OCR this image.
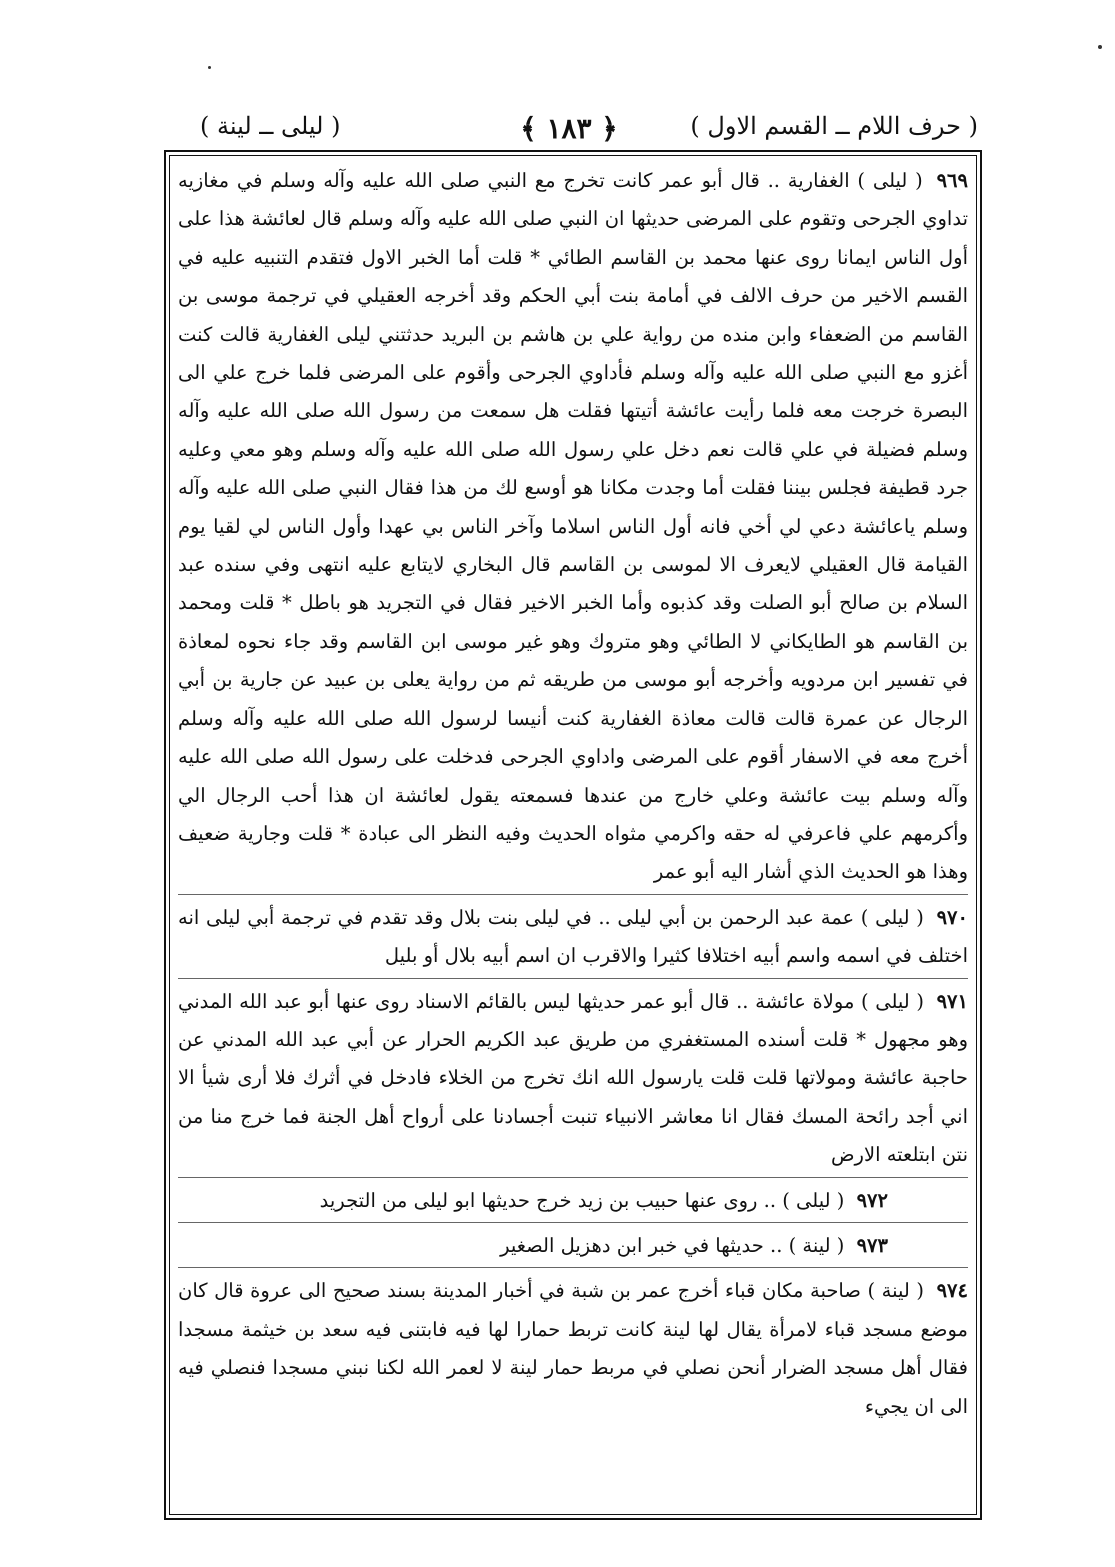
( حرف اللام ــ القسم الاول )
﴿ ١٨٣ ﴾
( ليلى ــ لينة )

٩٦٩ ( ليلى ) الغفارية .. قال أبو عمر كانت تخرج مع النبي صلى الله عليه وآله وسلم في مغازيه تداوي الجرحى وتقوم على المرضى حديثها ان النبي صلى الله عليه وآله وسلم قال لعائشة هذا على أول الناس ايمانا روى عنها محمد بن القاسم الطائي * قلت أما الخبر الاول فتقدم التنبيه عليه في القسم الاخير من حرف الالف في أمامة بنت أبي الحكم وقد أخرجه العقيلي في ترجمة موسى بن القاسم من الضعفاء وابن منده من رواية علي بن هاشم بن البريد حدثتني ليلى الغفارية قالت كنت أغزو مع النبي صلى الله عليه وآله وسلم فأداوي الجرحى وأقوم على المرضى فلما خرج علي الى البصرة خرجت معه فلما رأيت عائشة أتيتها فقلت هل سمعت من رسول الله صلى الله عليه وآله وسلم فضيلة في علي قالت نعم دخل علي رسول الله صلى الله عليه وآله وسلم وهو معي وعليه جرد قطيفة فجلس بيننا فقلت أما وجدت مكانا هو أوسع لك من هذا فقال النبي صلى الله عليه وآله وسلم ياعائشة دعي لي أخي فانه أول الناس اسلاما وآخر الناس بي عهدا وأول الناس لي لقيا يوم القيامة قال العقيلي لايعرف الا لموسى بن القاسم قال البخاري لايتابع عليه انتهى وفي سنده عبد السلام بن صالح أبو الصلت وقد كذبوه وأما الخبر الاخير فقال في التجريد هو باطل * قلت ومحمد بن القاسم هو الطايكاني لا الطائي وهو متروك وهو غير موسى ابن القاسم وقد جاء نحوه لمعاذة في تفسير ابن مردويه وأخرجه أبو موسى من طريقه ثم من رواية يعلى بن عبيد عن جارية بن أبي الرجال عن عمرة قالت قالت معاذة الغفارية كنت أنيسا لرسول الله صلى الله عليه وآله وسلم أخرج معه في الاسفار أقوم على المرضى واداوي الجرحى فدخلت على رسول الله صلى الله عليه وآله وسلم بيت عائشة وعلي خارج من عندها فسمعته يقول لعائشة ان هذا أحب الرجال الي وأكرمهم علي فاعرفي له حقه واكرمي مثواه الحديث وفيه النظر الى عبادة * قلت وجارية ضعيف وهذا هو الحديث الذي أشار اليه أبو عمر

٩٧٠ ( ليلى ) عمة عبد الرحمن بن أبي ليلى .. في ليلى بنت بلال وقد تقدم في ترجمة أبي ليلى انه اختلف في اسمه واسم أبيه اختلافا كثيرا والاقرب ان اسم أبيه بلال أو بليل

٩٧١ ( ليلى ) مولاة عائشة .. قال أبو عمر حديثها ليس بالقائم الاسناد روى عنها أبو عبد الله المدني وهو مجهول * قلت أسنده المستغفري من طريق عبد الكريم الحرار عن أبي عبد الله المدني عن حاجبة عائشة ومولاتها قلت قلت يارسول الله انك تخرج من الخلاء فادخل في أثرك فلا أرى شيأ الا اني أجد رائحة المسك فقال انا معاشر الانبياء تنبت أجسادنا على أرواح أهل الجنة فما خرج منا من نتن ابتلعته الارض

٩٧٢ ( ليلى ) .. روى عنها حبيب بن زيد خرج حديثها ابو ليلى من التجريد

٩٧٣ ( لينة ) .. حديثها في خبر ابن دهزيل الصغير

٩٧٤ ( لينة ) صاحبة مكان قباء أخرج عمر بن شبة في أخبار المدينة بسند صحيح الى عروة قال كان موضع مسجد قباء لامرأة يقال لها لينة كانت تربط حمارا لها فيه فابتنى فيه سعد بن خيثمة مسجدا فقال أهل مسجد الضرار أنحن نصلي في مربط حمار لينة لا لعمر الله لكنا نبني مسجدا فنصلي فيه الى ان يجيء
